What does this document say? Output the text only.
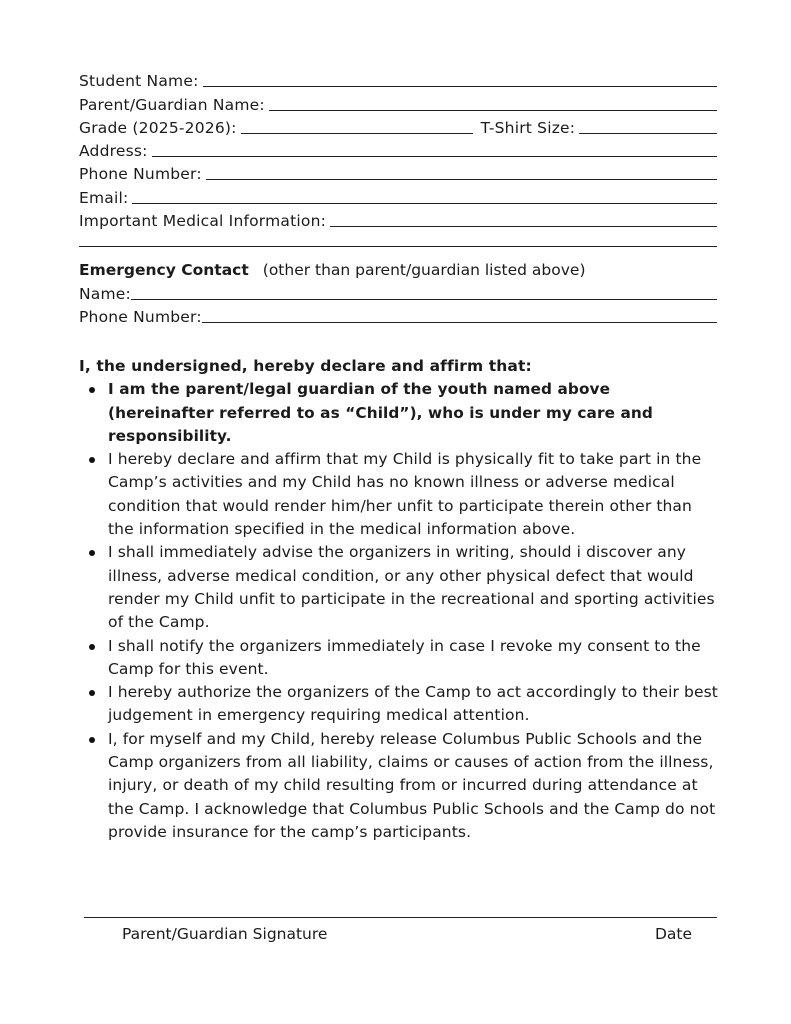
Student Name:
Parent/Guardian Name:
Grade (2025-2026):	T-Shirt Size:
Address:
Phone Number:
Email:
Important Medical Information:
Emergency Contact (other than parent/guardian listed above)
Name:
Phone Number:
I, the undersigned, hereby declare and affirm that:
I am the parent/legal guardian of the youth named above (hereinafter referred to as “Child”), who is under my care and responsibility.
I hereby declare and affirm that my Child is physically fit to take part in the Camp’s activities and my Child has no known illness or adverse medical condition that would render him/her unfit to participate therein other than the information specified in the medical information above.
I shall immediately advise the organizers in writing, should i discover any illness, adverse medical condition, or any other physical defect that would render my Child unfit to participate in the recreational and sporting activities of the Camp.
I shall notify the organizers immediately in case I revoke my consent to the Camp for this event.
I hereby authorize the organizers of the Camp to act accordingly to their best judgement in emergency requiring medical attention.
I, for myself and my Child, hereby release Columbus Public Schools and the Camp organizers from all liability, claims or causes of action from the illness, injury, or death of my child resulting from or incurred during attendance at the Camp. I acknowledge that Columbus Public Schools and the Camp do not provide insurance for the camp’s participants.
Parent/Guardian Signature	Date
